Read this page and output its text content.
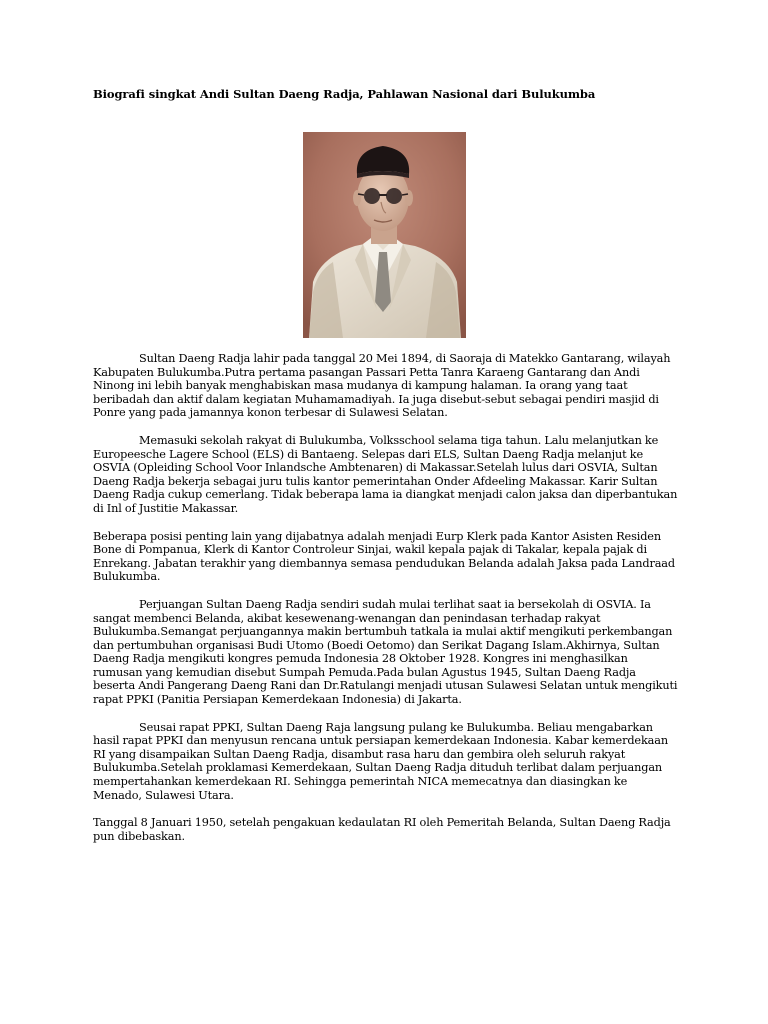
Biografi singkat Andi Sultan Daeng Radja, Pahlawan Nasional dari Bulukumba

Sultan Daeng Radja lahir pada tanggal 20 Mei 1894, di Saoraja di Matekko Gantarang, wilayah Kabupaten Bulukumba.Putra pertama pasangan Passari Petta Tanra Karaeng Gantarang dan Andi Ninong ini lebih banyak menghabiskan masa mudanya di kampung halaman. Ia orang yang taat beribadah dan aktif dalam kegiatan Muhamamadiyah. Ia juga disebut-sebut sebagai pendiri masjid di Ponre yang pada jamannya konon terbesar di Sulawesi Selatan.

Memasuki sekolah rakyat di Bulukumba, Volksschool selama tiga tahun. Lalu melanjutkan ke Europeesche Lagere School (ELS) di Bantaeng. Selepas dari ELS, Sultan Daeng Radja melanjut ke OSVIA (Opleiding School Voor Inlandsche Ambtenaren) di Makassar.Setelah lulus dari OSVIA, Sultan Daeng Radja bekerja sebagai juru tulis kantor pemerintahan Onder Afdeeling Makassar. Karir Sultan Daeng Radja cukup cemerlang. Tidak beberapa lama ia diangkat menjadi calon jaksa dan diperbantukan di Inl of Justitie Makassar.

Beberapa posisi penting lain yang dijabatnya adalah menjadi Eurp Klerk pada Kantor Asisten Residen Bone di Pompanua, Klerk di Kantor Controleur Sinjai, wakil kepala pajak di Takalar, kepala pajak di Enrekang. Jabatan terakhir yang diembannya semasa pendudukan Belanda adalah Jaksa pada Landraad Bulukumba.

Perjuangan Sultan Daeng Radja sendiri sudah mulai terlihat saat ia bersekolah di OSVIA. Ia sangat membenci Belanda, akibat kesewenang-wenangan dan penindasan terhadap rakyat Bulukumba.Semangat perjuangannya makin bertumbuh tatkala ia mulai aktif mengikuti perkembangan dan pertumbuhan organisasi Budi Utomo (Boedi Oetomo) dan Serikat Dagang Islam.Akhirnya, Sultan Daeng Radja mengikuti kongres pemuda Indonesia 28 Oktober 1928. Kongres ini menghasilkan rumusan yang kemudian disebut Sumpah Pemuda.Pada bulan Agustus 1945, Sultan Daeng Radja beserta Andi Pangerang Daeng Rani dan Dr.Ratulangi menjadi utusan Sulawesi Selatan untuk mengikuti rapat PPKI (Panitia Persiapan Kemerdekaan Indonesia) di Jakarta.

Seusai rapat PPKI, Sultan Daeng Raja langsung pulang ke Bulukumba. Beliau mengabarkan hasil rapat PPKI dan menyusun rencana untuk persiapan kemerdekaan Indonesia. Kabar kemerdekaan RI yang disampaikan Sultan Daeng Radja, disambut rasa haru dan gembira oleh seluruh rakyat Bulukumba.Setelah proklamasi Kemerdekaan, Sultan Daeng Radja dituduh terlibat dalam perjuangan mempertahankan kemerdekaan RI. Sehingga pemerintah NICA memecatnya dan diasingkan ke Menado, Sulawesi Utara.

Tanggal 8 Januari 1950, setelah pengakuan kedaulatan RI oleh Pemeritah Belanda, Sultan Daeng Radja pun dibebaskan.
